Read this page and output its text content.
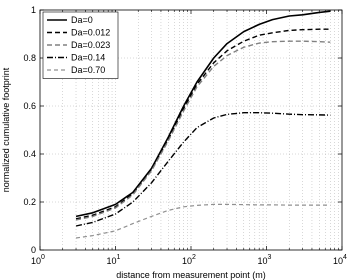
$10^0$	$10^1$	$10^2$	$10^3$	$10^4$
0
0.2
0.4
0.6
0.8
1
distance from measurement point (m)
normalized cumulative footprint
Da=0
Da=0.012
Da=0.023
Da=0.14
Da=0.70
